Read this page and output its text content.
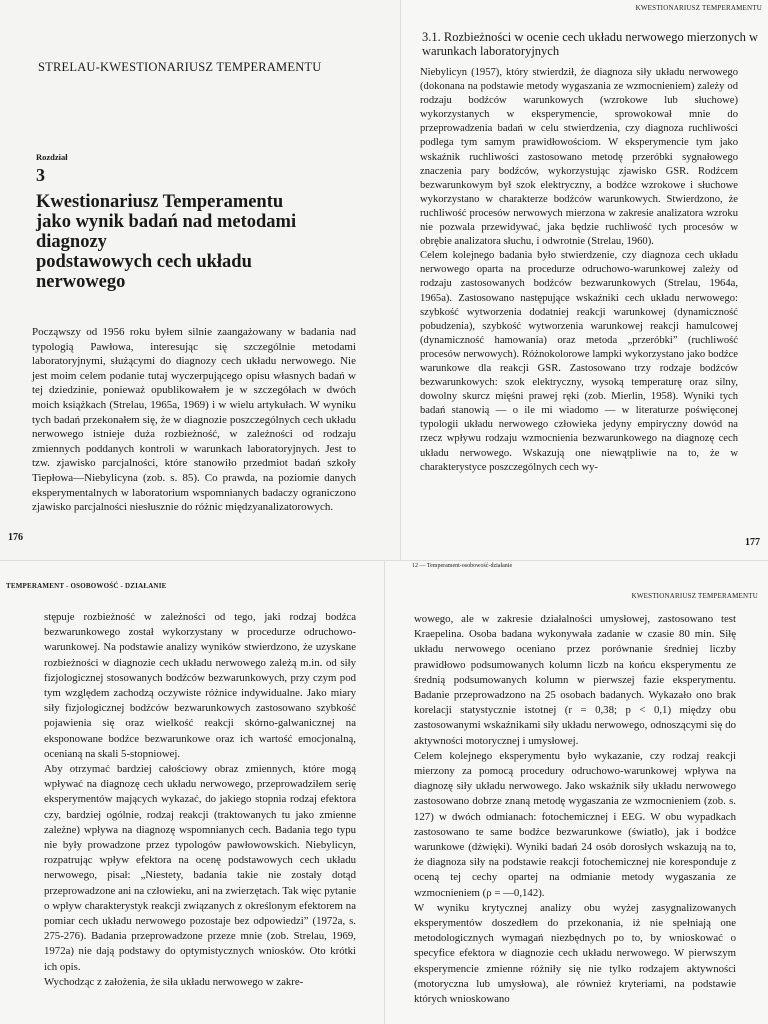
STRELAU-KWESTIONARIUSZ TEMPERAMENTU
Rozdział
3
Kwestionariusz Temperamentu
jako wynik badań nad metodami
diagnozy
podstawowych cech układu
nerwowego

Począwszy od 1956 roku byłem silnie zaangażowany w badania nad typologią Pawłowa, interesując się szczególnie metodami laboratoryjnymi, służącymi do diagnozy cech układu nerwowego. Nie jest moim celem podanie tutaj wyczerpującego opisu własnych badań w tej dziedzinie, ponieważ opublikowałem je w szczegółach w dwóch moich książkach (Strelau, 1965a, 1969) i w wielu artykułach. W wyniku tych badań przekonałem się, że w diagnozie poszczególnych cech układu nerwowego istnieje duża rozbieżność, w zależności od rodzaju zmiennych poddanych kontroli w warunkach laboratoryjnych. Jest to tzw. zjawisko parcjalności, które stanowiło przedmiot badań szkoły Tiepłowa—Niebylicyna (zob. s. 85). Co prawda, na poziomie danych eksperymentalnych w laboratorium wspomnianych badaczy ograniczono zjawisko parcjalności niesłusznie do różnic międzyanalizatorowych.

176
KWESTIONARIUSZ TEMPERAMENTU
3.1. Rozbieżności w ocenie cech układu nerwowego mierzonych w warunkach laboratoryjnych

Niebylicyn (1957), który stwierdził, że diagnoza siły układu nerwowego (dokonana na podstawie metody wygaszania ze wzmocnieniem) zależy od rodzaju bodźców warunkowych (wzrokowe lub słuchowe) wykorzystanych w eksperymencie, sprowokował mnie do przeprowadzenia badań w celu stwierdzenia, czy diagnoza ruchliwości podlega tym samym prawidłowościom. W eksperymencie tym jako wskaźnik ruchliwości zastosowano metodę przeróbki sygnałowego znaczenia pary bodźców, wykorzystując zjawisko GSR. Rodźcem bezwarunkowym był szok elektryczny, a bodźce wzrokowe i słuchowe wykorzystano w charakterze bodźców warunkowych. Stwierdzono, że ruchliwość procesów nerwowych mierzona w zakresie analizatora wzroku nie pozwala przewidywać, jaka będzie ruchliwość tych procesów w obrębie analizatora słuchu, i odwrotnie (Strelau, 1960).

Celem kolejnego badania było stwierdzenie, czy diagnoza cech układu nerwowego oparta na procedurze odruchowo-warunkowej zależy od rodzaju zastosowanych bodźców bezwarunkowych (Strelau, 1964a, 1965a). Zastosowano następujące wskaźniki cech układu nerwowego: szybkość wytworzenia dodatniej reakcji warunkowej (dynamiczność pobudzenia), szybkość wytworzenia warunkowej reakcji hamulcowej (dynamiczność hamowania) oraz metoda „przeróbki” (ruchliwość procesów nerwowych). Różnokolorowe lampki wykorzystano jako bodźce warunkowe dla reakcji GSR. Zastosowano trzy rodzaje bodźców bezwarunkowych: szok elektryczny, wysoką temperaturę oraz silny, dowolny skurcz mięśni prawej ręki (zob. Mierlin, 1958). Wyniki tych badań stanowią — o ile mi wiadomo — w literaturze poświęconej typologii układu nerwowego człowieka jedyny empiryczny dowód na rzecz wpływu rodzaju wzmocnienia bezwarunkowego na diagnozę cech układu nerwowego. Wskazują one niewątpliwie na to, że w charakterystyce poszczególnych cech wy-

177
TEMPERAMENT - OSOBOWOŚĆ - DZIAŁANIE

stępuje rozbieżność w zależności od tego, jaki rodzaj bodźca bezwarunkowego został wykorzystany w procedurze odruchowo-warunkowej. Na podstawie analizy wyników stwierdzono, że uzyskane rozbieżności w diagnozie cech układu nerwowego zależą m.in. od siły fizjologicznej stosowanych bodźców bezwarunkowych, przy czym pod tym względem zachodzą oczywiste różnice indywidualne. Jako miary siły fizjologicznej bodźców bezwarunkowych zastosowano szybkość pojawienia się oraz wielkość reakcji skórno-galwanicznej na eksponowane bodźce bezwarunkowe oraz ich wartość emocjonalną, ocenianą na skali 5-stopniowej.

Aby otrzymać bardziej całościowy obraz zmiennych, które mogą wpływać na diagnozę cech układu nerwowego, przeprowadziłem serię eksperymentów mających wykazać, do jakiego stopnia rodzaj efektora czy, bardziej ogólnie, rodzaj reakcji (traktowanych tu jako zmienne zależne) wpływa na diagnozę wspomnianych cech. Badania tego typu nie były prowadzone przez typologów pawłowowskich. Niebylicyn, rozpatrując wpływ efektora na ocenę podstawowych cech układu nerwowego, pisał: „Niestety, badania takie nie zostały dotąd przeprowadzone ani na człowieku, ani na zwierzętach. Tak więc pytanie o wpływ charakterystyk reakcji związanych z określonym efektorem na pomiar cech układu nerwowego pozostaje bez odpowiedzi” (1972a, s. 275-276). Badania przeprowadzone przeze mnie (zob. Strelau, 1969, 1972a) nie dają podstawy do optymistycznych wniosków. Oto krótki ich opis.

Wychodząc z założenia, że siła układu nerwowego w zakre-

12 — Temperament-osobowość-działanie
KWESTIONARIUSZ TEMPERAMENTU

wowego, ale w zakresie działalności umysłowej, zastosowano test Kraepelina. Osoba badana wykonywała zadanie w czasie 80 min. Siłę układu nerwowego oceniano przez porównanie średniej liczby prawidłowo podsumowanych kolumn liczb na końcu eksperymentu ze średnią podsumowanych kolumn w pierwszej fazie eksperymentu. Badanie przeprowadzono na 25 osobach badanych. Wykazało ono brak korelacji statystycznie istotnej (r = 0,38; p < 0,1) między obu zastosowanymi wskaźnikami siły układu nerwowego, odnoszącymi się do aktywności motorycznej i umysłowej.

Celem kolejnego eksperymentu było wykazanie, czy rodzaj reakcji mierzony za pomocą procedury odruchowo-warunkowej wpływa na diagnozę siły układu nerwowego. Jako wskaźnik siły układu nerwowego zastosowano dobrze znaną metodę wygaszania ze wzmocnieniem (zob. s. 127) w dwóch odmianach: fotochemicznej i EEG. W obu wypadkach zastosowano te same bodźce bezwarunkowe (światło), jak i bodźce warunkowe (dźwięki). Wyniki badań 24 osób dorosłych wskazują na to, że diagnoza siły na podstawie reakcji fotochemicznej nie koresponduje z oceną tej cechy opartej na odmianie metody wygaszania ze wzmocnieniem (ρ = —0,142).

W wyniku krytycznej analizy obu wyżej zasygnalizowanych eksperymentów doszedłem do przekonania, iż nie spełniają one metodologicznych wymagań niezbędnych po to, by wnioskować o specyfice efektora w diagnozie cech układu nerwowego. W pierwszym eksperymencie zmienne różniły się nie tylko rodzajem aktywności (motoryczna lub umysłowa), ale również kryteriami, na podstawie których wnioskowano
